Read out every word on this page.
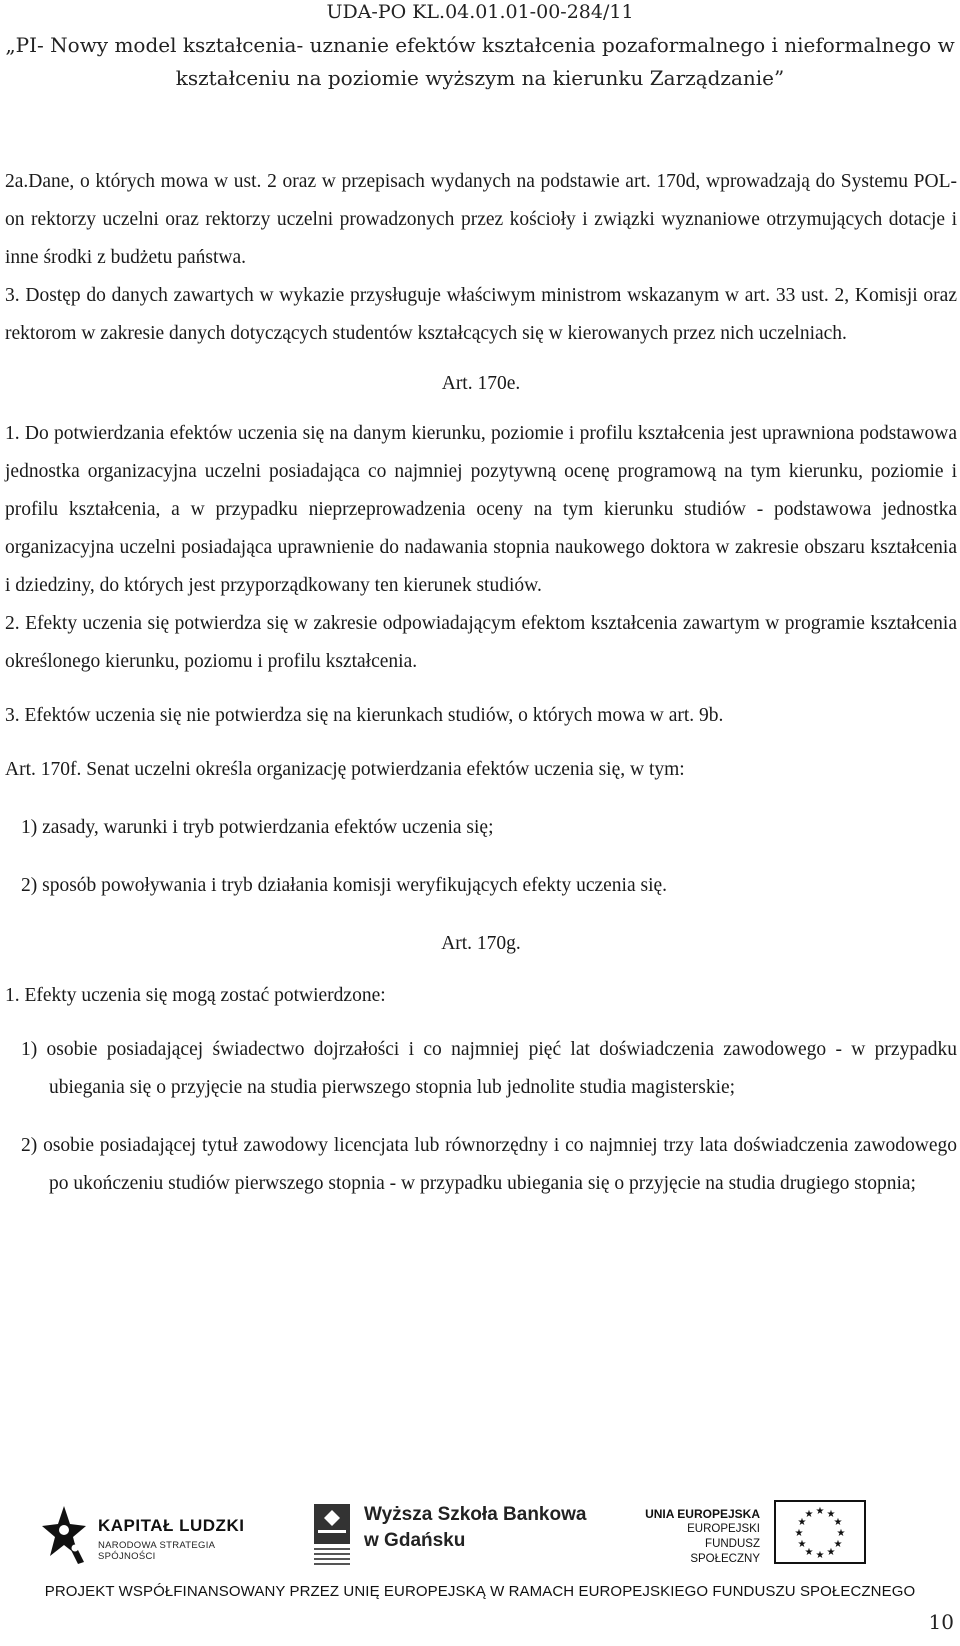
UDA-PO KL.04.01.01-00-284/11
„PI- Nowy model kształcenia- uznanie efektów kształcenia pozaformalnego i nieformalnego w
kształceniu na poziomie wyższym na kierunku Zarządzanie”

2a.Dane, o których mowa w ust. 2 oraz w przepisach wydanych na podstawie art. 170d, wprowadzają do Systemu POL-on rektorzy uczelni oraz rektorzy uczelni prowadzonych przez kościoły i związki wyznaniowe otrzymujących dotacje i inne środki z budżetu państwa.

3. Dostęp do danych zawartych w wykazie przysługuje właściwym ministrom wskazanym w art. 33 ust. 2, Komisji oraz rektorom w zakresie danych dotyczących studentów kształcących się w kierowanych przez nich uczelniach.

Art. 170e.

1. Do potwierdzania efektów uczenia się na danym kierunku, poziomie i profilu kształcenia jest uprawniona podstawowa jednostka organizacyjna uczelni posiadająca co najmniej pozytywną ocenę programową na tym kierunku, poziomie i profilu kształcenia, a w przypadku nieprzeprowadzenia oceny na tym kierunku studiów - podstawowa jednostka organizacyjna uczelni posiadająca uprawnienie do nadawania stopnia naukowego doktora w zakresie obszaru kształcenia i dziedziny, do których jest przyporządkowany ten kierunek studiów.

2. Efekty uczenia się potwierdza się w zakresie odpowiadającym efektom kształcenia zawartym w programie kształcenia określonego kierunku, poziomu i profilu kształcenia.

3. Efektów uczenia się nie potwierdza się na kierunkach studiów, o których mowa w art. 9b.

Art. 170f. Senat uczelni określa organizację potwierdzania efektów uczenia się, w tym:

1) zasady, warunki i tryb potwierdzania efektów uczenia się;

2) sposób powoływania i tryb działania komisji weryfikujących efekty uczenia się.

Art. 170g.

1. Efekty uczenia się mogą zostać potwierdzone:

1) osobie posiadającej świadectwo dojrzałości i co najmniej pięć lat doświadczenia zawodowego - w przypadku ubiegania się o przyjęcie na studia pierwszego stopnia lub jednolite studia magisterskie;

2) osobie posiadającej tytuł zawodowy licencjata lub równorzędny i co najmniej trzy lata doświadczenia zawodowego po ukończeniu studiów pierwszego stopnia - w przypadku ubiegania się o przyjęcie na studia drugiego stopnia;

KAPITAŁ LUDZKI
NARODOWA STRATEGIA SPÓJNOŚCI
Wyższa Szkoła Bankowa
w Gdańsku
UNIA EUROPEJSKA
EUROPEJSKI
FUNDUSZ SPOŁECZNY
★ ★
★
★
★
★
★
★
★
★
★
★
PROJEKT WSPÓŁFINANSOWANY PRZEZ UNIĘ EUROPEJSKĄ W RAMACH EUROPEJSKIEGO FUNDUSZU SPOŁECZNEGO
10
